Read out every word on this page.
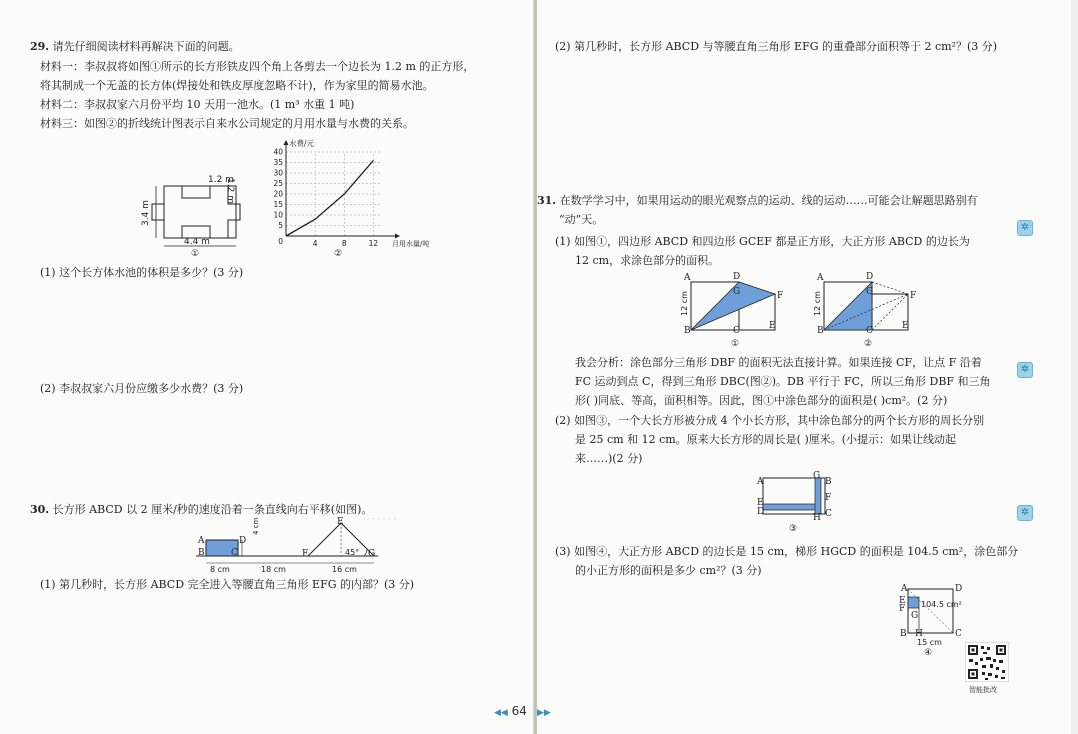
29. 请先仔细阅读材料再解决下面的问题。
材料一：李叔叔将如图①所示的长方形铁皮四个角上各剪去一个边长为 1.2 m 的正方形，
将其制成一个无盖的长方体(焊接处和铁皮厚度忽略不计)，作为家里的简易水池。
材料二：李叔叔家六月份平均 10 天用一池水。(1 m³ 水重 1 吨)
材料三：如图②的折线统计图表示自来水公司规定的月用水量与水费的关系。
1.2 m
1.2 m
3.4 m
4.4 m
①
5
10
15
20
25
30
35
40
4	8	12
0
水费/元
月用水量/吨
②
(1) 这个长方体水池的体积是多少？(3 分)
(2) 李叔叔家六月份应缴多少水费？(3 分)
30. 长方形 ABCD 以 2 厘米/秒的速度沿着一条直线向右平移(如图)。
◦ ◦ ◦ ◦ ◦ ◦
A
B
D
C
4 cm
F
E
G
45°
8 cm	18 cm	16 cm
(1) 第几秒时，长方形 ABCD 完全进入等腰直角三角形 EFG 的内部？(3 分)
◀◀ 64 ▶▶
(2) 第几秒时，长方形 ABCD 与等腰直角三角形 EFG 的重叠部分面积等于 2 cm²？(3 分)
31. 在数学学习中，如果用运动的眼光观察点的运动、线的运动……可能会让解题思路别有
“动”天。
(1) 如图①，四边形 ABCD 和四边形 GCEF 都是正方形，大正方形 ABCD 的边长为
12 cm，求涂色部分的面积。
A	D
G	F
B	C	E
12 cm
①
A	D
G	F
B	C	E
12 cm
②
我会分析：涂色部分三角形 DBF 的面积无法直接计算。如果连接 CF，让点 F 沿着
FC 运动到点 C，得到三角形 DBC(图②)。DB 平行于 FC，所以三角形 DBF 和三角
形( )同底、等高，面积相等。因此，图①中涂色部分的面积是( )cm²。(2 分)
(2) 如图③，一个大长方形被分成 4 个小长方形，其中涂色部分的两个长方形的周长分别
是 25 cm 和 12 cm。原来大长方形的周长是( )厘米。(小提示：如果让线动起
来……)(2 分)
G
B
A
E	F
D
H C
③
(3) 如图④，大正方形 ABCD 的边长是 15 cm，梯形 HGCD 的面积是 104.5 cm²，涂色部分
的小正方形的面积是多少 cm²？(3 分)
A	D
E
F
G
104.5 cm²
B	C
H
15 cm
④
智能批改
✲
✲
✲
